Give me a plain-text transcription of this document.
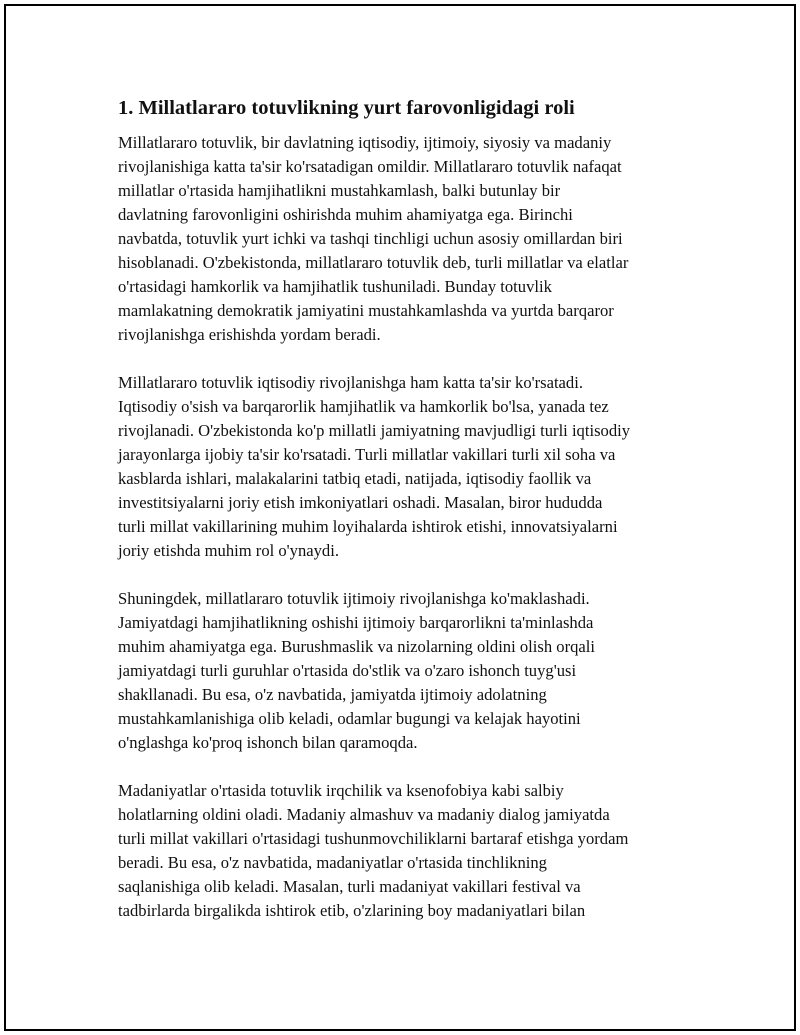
1. Millatlararo totuvlikning yurt farovonligidagi roli

Millatlararo totuvlik, bir davlatning iqtisodiy, ijtimoiy, siyosiy va madaniy
rivojlanishiga katta ta'sir ko'rsatadigan omildir. Millatlararo totuvlik nafaqat
millatlar o'rtasida hamjihatlikni mustahkamlash, balki butunlay bir
davlatning farovonligini oshirishda muhim ahamiyatga ega. Birinchi
navbatda, totuvlik yurt ichki va tashqi tinchligi uchun asosiy omillardan biri
hisoblanadi. O'zbekistonda, millatlararo totuvlik deb, turli millatlar va elatlar
o'rtasidagi hamkorlik va hamjihatlik tushuniladi. Bunday totuvlik
mamlakatning demokratik jamiyatini mustahkamlashda va yurtda barqaror
rivojlanishga erishishda yordam beradi.

Millatlararo totuvlik iqtisodiy rivojlanishga ham katta ta'sir ko'rsatadi.
Iqtisodiy o'sish va barqarorlik hamjihatlik va hamkorlik bo'lsa, yanada tez
rivojlanadi. O'zbekistonda ko'p millatli jamiyatning mavjudligi turli iqtisodiy
jarayonlarga ijobiy ta'sir ko'rsatadi. Turli millatlar vakillari turli xil soha va
kasblarda ishlari, malakalarini tatbiq etadi, natijada, iqtisodiy faollik va
investitsiyalarni joriy etish imkoniyatlari oshadi. Masalan, biror hududda
turli millat vakillarining muhim loyihalarda ishtirok etishi, innovatsiyalarni
joriy etishda muhim rol o'ynaydi.

Shuningdek, millatlararo totuvlik ijtimoiy rivojlanishga ko'maklashadi.
Jamiyatdagi hamjihatlikning oshishi ijtimoiy barqarorlikni ta'minlashda
muhim ahamiyatga ega. Burushmaslik va nizolarning oldini olish orqali
jamiyatdagi turli guruhlar o'rtasida do'stlik va o'zaro ishonch tuyg'usi
shakllanadi. Bu esa, o'z navbatida, jamiyatda ijtimoiy adolatning
mustahkamlanishiga olib keladi, odamlar bugungi va kelajak hayotini
o'nglashga ko'proq ishonch bilan qaramoqda.

Madaniyatlar o'rtasida totuvlik irqchilik va ksenofobiya kabi salbiy
holatlarning oldini oladi. Madaniy almashuv va madaniy dialog jamiyatda
turli millat vakillari o'rtasidagi tushunmovchiliklarni bartaraf etishga yordam
beradi. Bu esa, o'z navbatida, madaniyatlar o'rtasida tinchlikning
saqlanishiga olib keladi. Masalan, turli madaniyat vakillari festival va
tadbirlarda birgalikda ishtirok etib, o'zlarining boy madaniyatlari bilan
